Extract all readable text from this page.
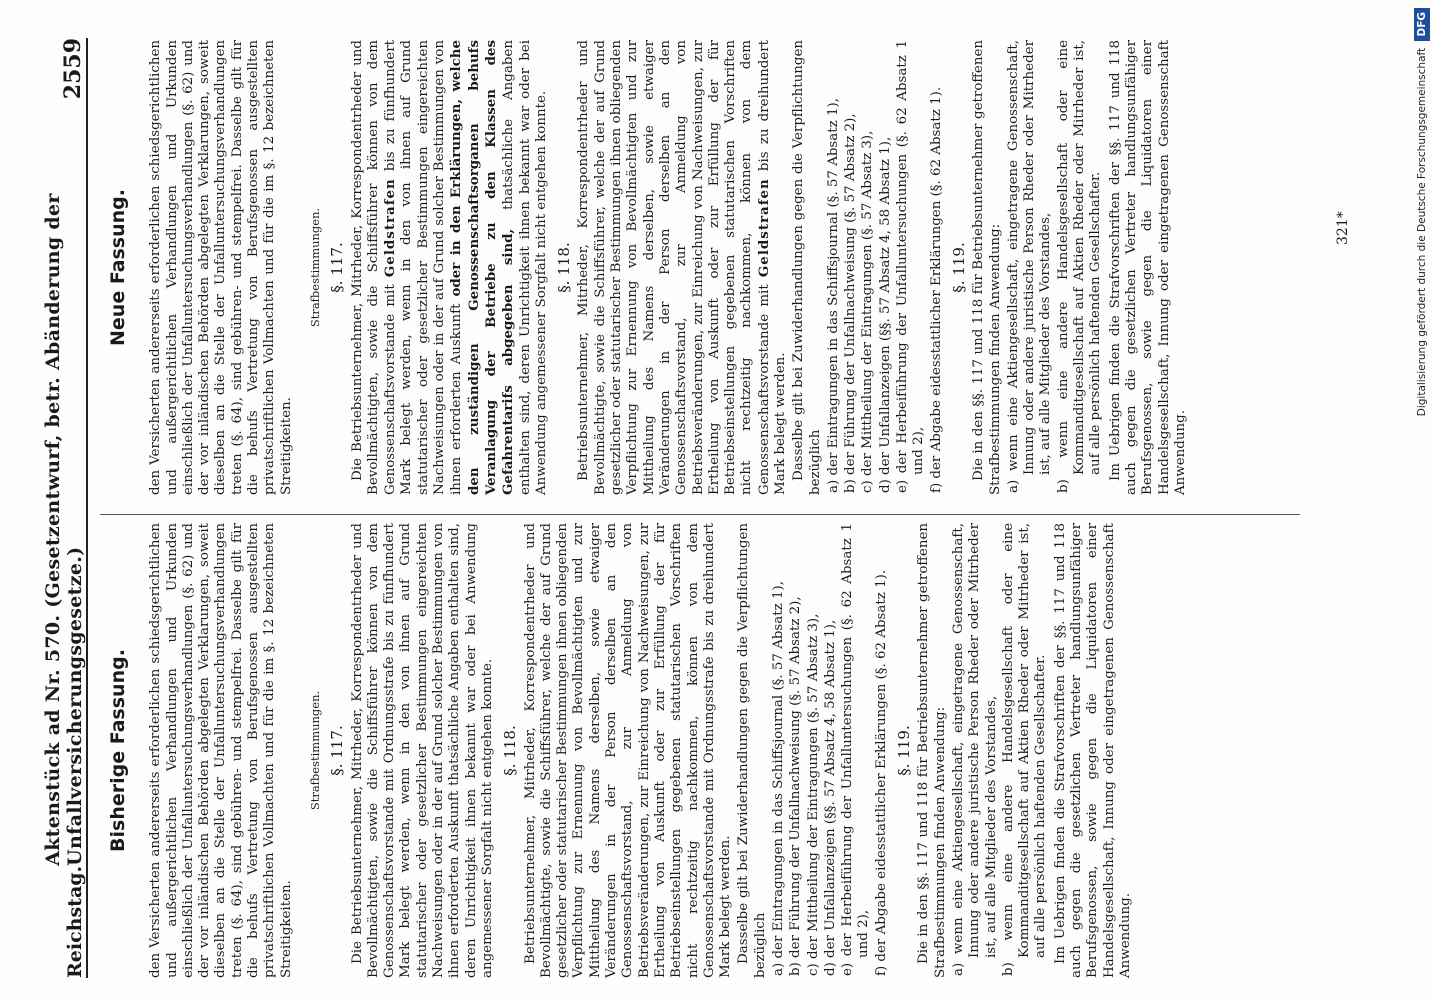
Reichstag.
Aktenstück ad Nr. 570. (Gesetzentwurf, betr. Abänderung der Unfallversicherungsgesetze.)
2559
Bisherige Fassung. den Versicherten andererseits erforderlichen schiedsgerichtlichen und außergerichtlichen Verhandlungen und Urkunden einschließlich der Unfalluntersuchungsverhandlungen (§. 62) und der vor inländischen Behörden abgelegten Verklarungen, soweit dieselben an die Stelle der Unfalluntersuchungsverhandlungen treten (§. 64), sind gebühren- und stempelfrei. Dasselbe gilt für die behufs Vertretung von Berufsgenossen ausgestellten privatschriftlichen Vollmachten und für die im §. 12 bezeichneten Streitigkeiten.

Strafbestimmungen. §. 117. Die Betriebsunternehmer, Mitrheder, Korrespondentrheder und Bevollmächtigten, sowie die Schiffsführer können von dem Genossenschaftsvorstande mit Ordnungsstrafe bis zu fünfhundert Mark belegt werden, wenn in den von ihnen auf Grund statutarischer oder gesetzlicher Bestimmungen eingereichten Nachweisungen oder in der auf Grund solcher Bestimmungen von ihnen erforderten Auskunft thatsächliche Angaben enthalten sind, deren Unrichtigkeit ihnen bekannt war oder bei Anwendung angemessener Sorgfalt nicht entgehen konnte. §. 118. Betriebsunternehmer, Mitrheder, Korrespondentrheder und Bevollmächtigte, sowie die Schiffsführer, welche der auf Grund gesetzlicher oder statutarischer Bestimmungen ihnen obliegenden Verpflichtung zur Ernennung von Bevollmächtigten und zur Mittheilung des Namens derselben, sowie etwaiger Veränderungen in der Person derselben an den Genossenschaftsvorstand, zur Anmeldung von Betriebsveränderungen, zur Einreichung von Nachweisungen, zur Ertheilung von Auskunft oder zur Erfüllung der für Betriebseinstellungen gegebenen statutarischen Vorschriften nicht rechtzeitig nachkommen, können von dem Genossenschaftsvorstande mit Ordnungsstrafe bis zu dreihundert Mark belegt werden. Dasselbe gilt bei Zuwiderhandlungen gegen die Verpflichtungen bezüglich a) der Eintragungen in das Schiffsjournal (§. 57 Absatz 1), b) der Führung der Unfallnachweisung (§. 57 Absatz 2), c) der Mittheilung der Eintragungen (§. 57 Absatz 3), d) der Unfallanzeigen (§§. 57 Absatz 4, 58 Absatz 1), e) der Herbeiführung der Unfalluntersuchungen (§. 62 Absatz 1 und 2), f) der Abgabe eidesstattlicher Erklärungen (§. 62 Absatz 1). §. 119. Die in den §§. 117 und 118 für Betriebsunternehmer getroffenen Strafbestimmungen finden Anwendung: a) wenn eine Aktiengesellschaft, eingetragene Genossenschaft, Innung oder andere juristische Person Rheder oder Mitrheder ist, auf alle Mitglieder des Vorstandes, b) wenn eine andere Handelsgesellschaft oder eine Kommanditgesellschaft auf Aktien Rheder oder Mitrheder ist, auf alle persönlich haftenden Gesellschafter. Im Uebrigen finden die Strafvorschriften der §§. 117 und 118 auch gegen die gesetzlichen Vertreter handlungsunfähiger Berufsgenossen, sowie gegen die Liquidatoren einer Handelsgesellschaft, Innung oder eingetragenen Genossenschaft Anwendung.

Neue Fassung. den Versicherten andererseits erforderlichen schiedsgerichtlichen und außergerichtlichen Verhandlungen und Urkunden einschließlich der Unfalluntersuchungsverhandlungen (§. 62) und der vor inländischen Behörden abgelegten Verklarungen, soweit dieselben an die Stelle der Unfalluntersuchungsverhandlungen treten (§. 64), sind gebühren- und stempelfrei. Dasselbe gilt für die behufs Vertretung von Berufsgenossen ausgestellten privatschriftlichen Vollmachten und für die im §. 12 bezeichneten Streitigkeiten.

Strafbestimmungen. §. 117. Die Betriebsunternehmer, Mitrheder, Korrespondentrheder und Bevollmächtigten, sowie die Schiffsführer können von dem Genossenschaftsvorstande mit Geldstrafen bis zu fünfhundert Mark belegt werden, wenn in den von ihnen auf Grund statutarischer oder gesetzlicher Bestimmungen eingereichten Nachweisungen oder in der auf Grund solcher Bestimmungen von ihnen erforderten Auskunft oder in den Erklärungen, welche den zuständigen Genossenschaftsorganen behufs Veranlagung der Betriebe zu den Klassen des Gefahrentarifs abgegeben sind, thatsächliche Angaben enthalten sind, deren Unrichtigkeit ihnen bekannt war oder bei Anwendung angemessener Sorgfalt nicht entgehen konnte. §. 118. Betriebsunternehmer, Mitrheder, Korrespondentrheder und Bevollmächtigte, sowie die Schiffsführer, welche der auf Grund gesetzlicher oder statutarischer Bestimmungen ihnen obliegenden Verpflichtung zur Ernennung von Bevollmächtigten und zur Mittheilung des Namens derselben, sowie etwaiger Veränderungen in der Person derselben an den Genossenschaftsvorstand, zur Anmeldung von Betriebsveränderungen, zur Einreichung von Nachweisungen, zur Ertheilung von Auskunft oder zur Erfüllung der für Betriebseinstellungen gegebenen statutarischen Vorschriften nicht rechtzeitig nachkommen, können von dem Genossenschaftsvorstande mit Geldstrafen bis zu dreihundert Mark belegt werden. Dasselbe gilt bei Zuwiderhandlungen gegen die Verpflichtungen bezüglich a) der Eintragungen in das Schiffsjournal (§. 57 Absatz 1), b) der Führung der Unfallnachweisung (§. 57 Absatz 2), c) der Mittheilung der Eintragungen (§. 57 Absatz 3), d) der Unfallanzeigen (§§. 57 Absatz 4, 58 Absatz 1), e) der Herbeiführung der Unfalluntersuchungen (§. 62 Absatz 1 und 2), f) der Abgabe eidesstattlicher Erklärungen (§. 62 Absatz 1). §. 119. Die in den §§. 117 und 118 für Betriebsunternehmer getroffenen Strafbestimmungen finden Anwendung: a) wenn eine Aktiengesellschaft, eingetragene Genossenschaft, Innung oder andere juristische Person Rheder oder Mitrheder ist, auf alle Mitglieder des Vorstandes, b) wenn eine andere Handelsgesellschaft oder eine Kommanditgesellschaft auf Aktien Rheder oder Mitrheder ist, auf alle persönlich haftenden Gesellschafter. Im Uebrigen finden die Strafvorschriften der §§. 117 und 118 auch gegen die gesetzlichen Vertreter handlungsunfähiger Berufsgenossen, sowie gegen die Liquidatoren einer Handelsgesellschaft, Innung oder eingetragenen Genossenschaft Anwendung.

321*	Digitalisierung gefördert durch die Deutsche Forschungsgemeinschaft DFG
